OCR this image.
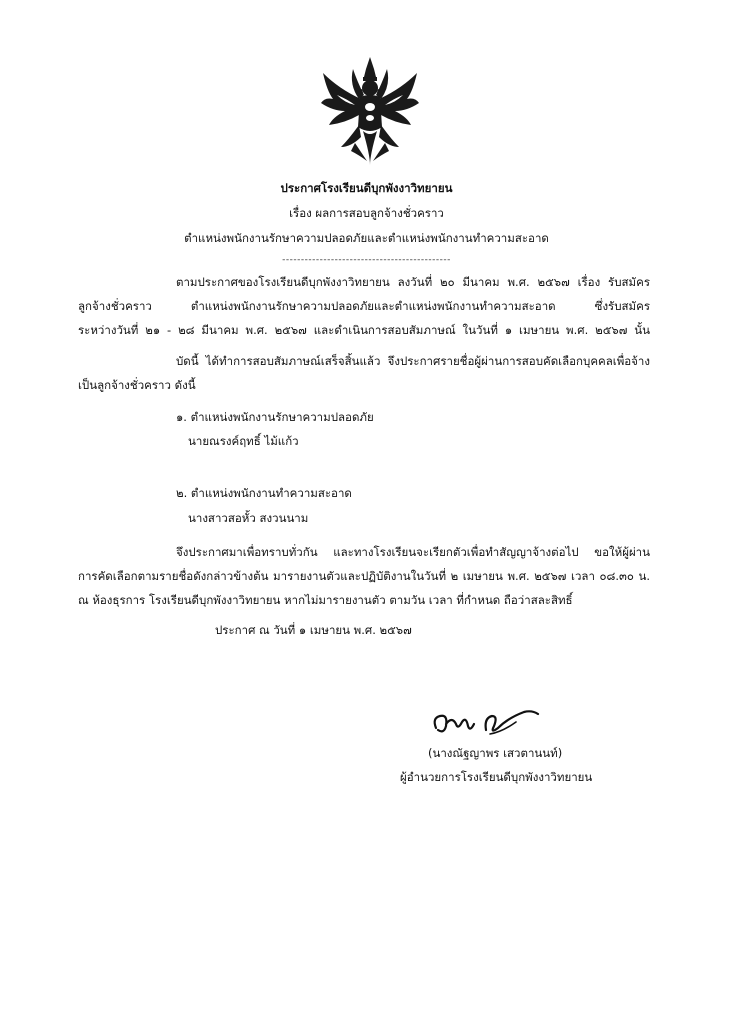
ประกาศโรงเรียนดีบุกพังงาวิทยายน
เรื่อง ผลการสอบลูกจ้างชั่วคราว
ตำแหน่งพนักงานรักษาความปลอดภัยและตำแหน่งพนักงานทำความสะอาด
---------------------------------------------
ตามประกาศของโรงเรียนดีบุกพังงาวิทยายน ลงวันที่ ๒๐ มีนาคม พ.ศ. ๒๕๖๗ เรื่อง รับสมัคร
ลูกจ้างชั่วคราว ตำแหน่งพนักงานรักษาความปลอดภัยและตำแหน่งพนักงานทำความสะอาด ซึ่งรับสมัคร
ระหว่างวันที่ ๒๑ - ๒๘ มีนาคม พ.ศ. ๒๕๖๗ และดำเนินการสอบสัมภาษณ์ ในวันที่ ๑ เมษายน พ.ศ. ๒๕๖๗ นั้น
บัดนี้ ได้ทำการสอบสัมภาษณ์เสร็จสิ้นแล้ว จึงประกาศรายชื่อผู้ผ่านการสอบคัดเลือกบุคคลเพื่อจ้าง
เป็นลูกจ้างชั่วคราว ดังนี้
๑. ตำแหน่งพนักงานรักษาความปลอดภัย
นายณรงค์ฤทธิ์ ไม้แก้ว
๒. ตำแหน่งพนักงานทำความสะอาด
นางสาวสอหั้ว สงวนนาม
จึงประกาศมาเพื่อทราบทั่วกัน และทางโรงเรียนจะเรียกตัวเพื่อทำสัญญาจ้างต่อไป ขอให้ผู้ผ่าน
การคัดเลือกตามรายชื่อดังกล่าวข้างต้น มารายงานตัวและปฏิบัติงานในวันที่ ๒ เมษายน พ.ศ. ๒๕๖๗ เวลา ๐๘.๓๐ น.
ณ ห้องธุรการ โรงเรียนดีบุกพังงาวิทยายน หากไม่มารายงานตัว ตามวัน เวลา ที่กำหนด ถือว่าสละสิทธิ์
ประกาศ ณ วันที่ ๑ เมษายน พ.ศ. ๒๕๖๗
(นางณัฐญาพร เสวตานนท์)
ผู้อำนวยการโรงเรียนดีบุกพังงาวิทยายน
